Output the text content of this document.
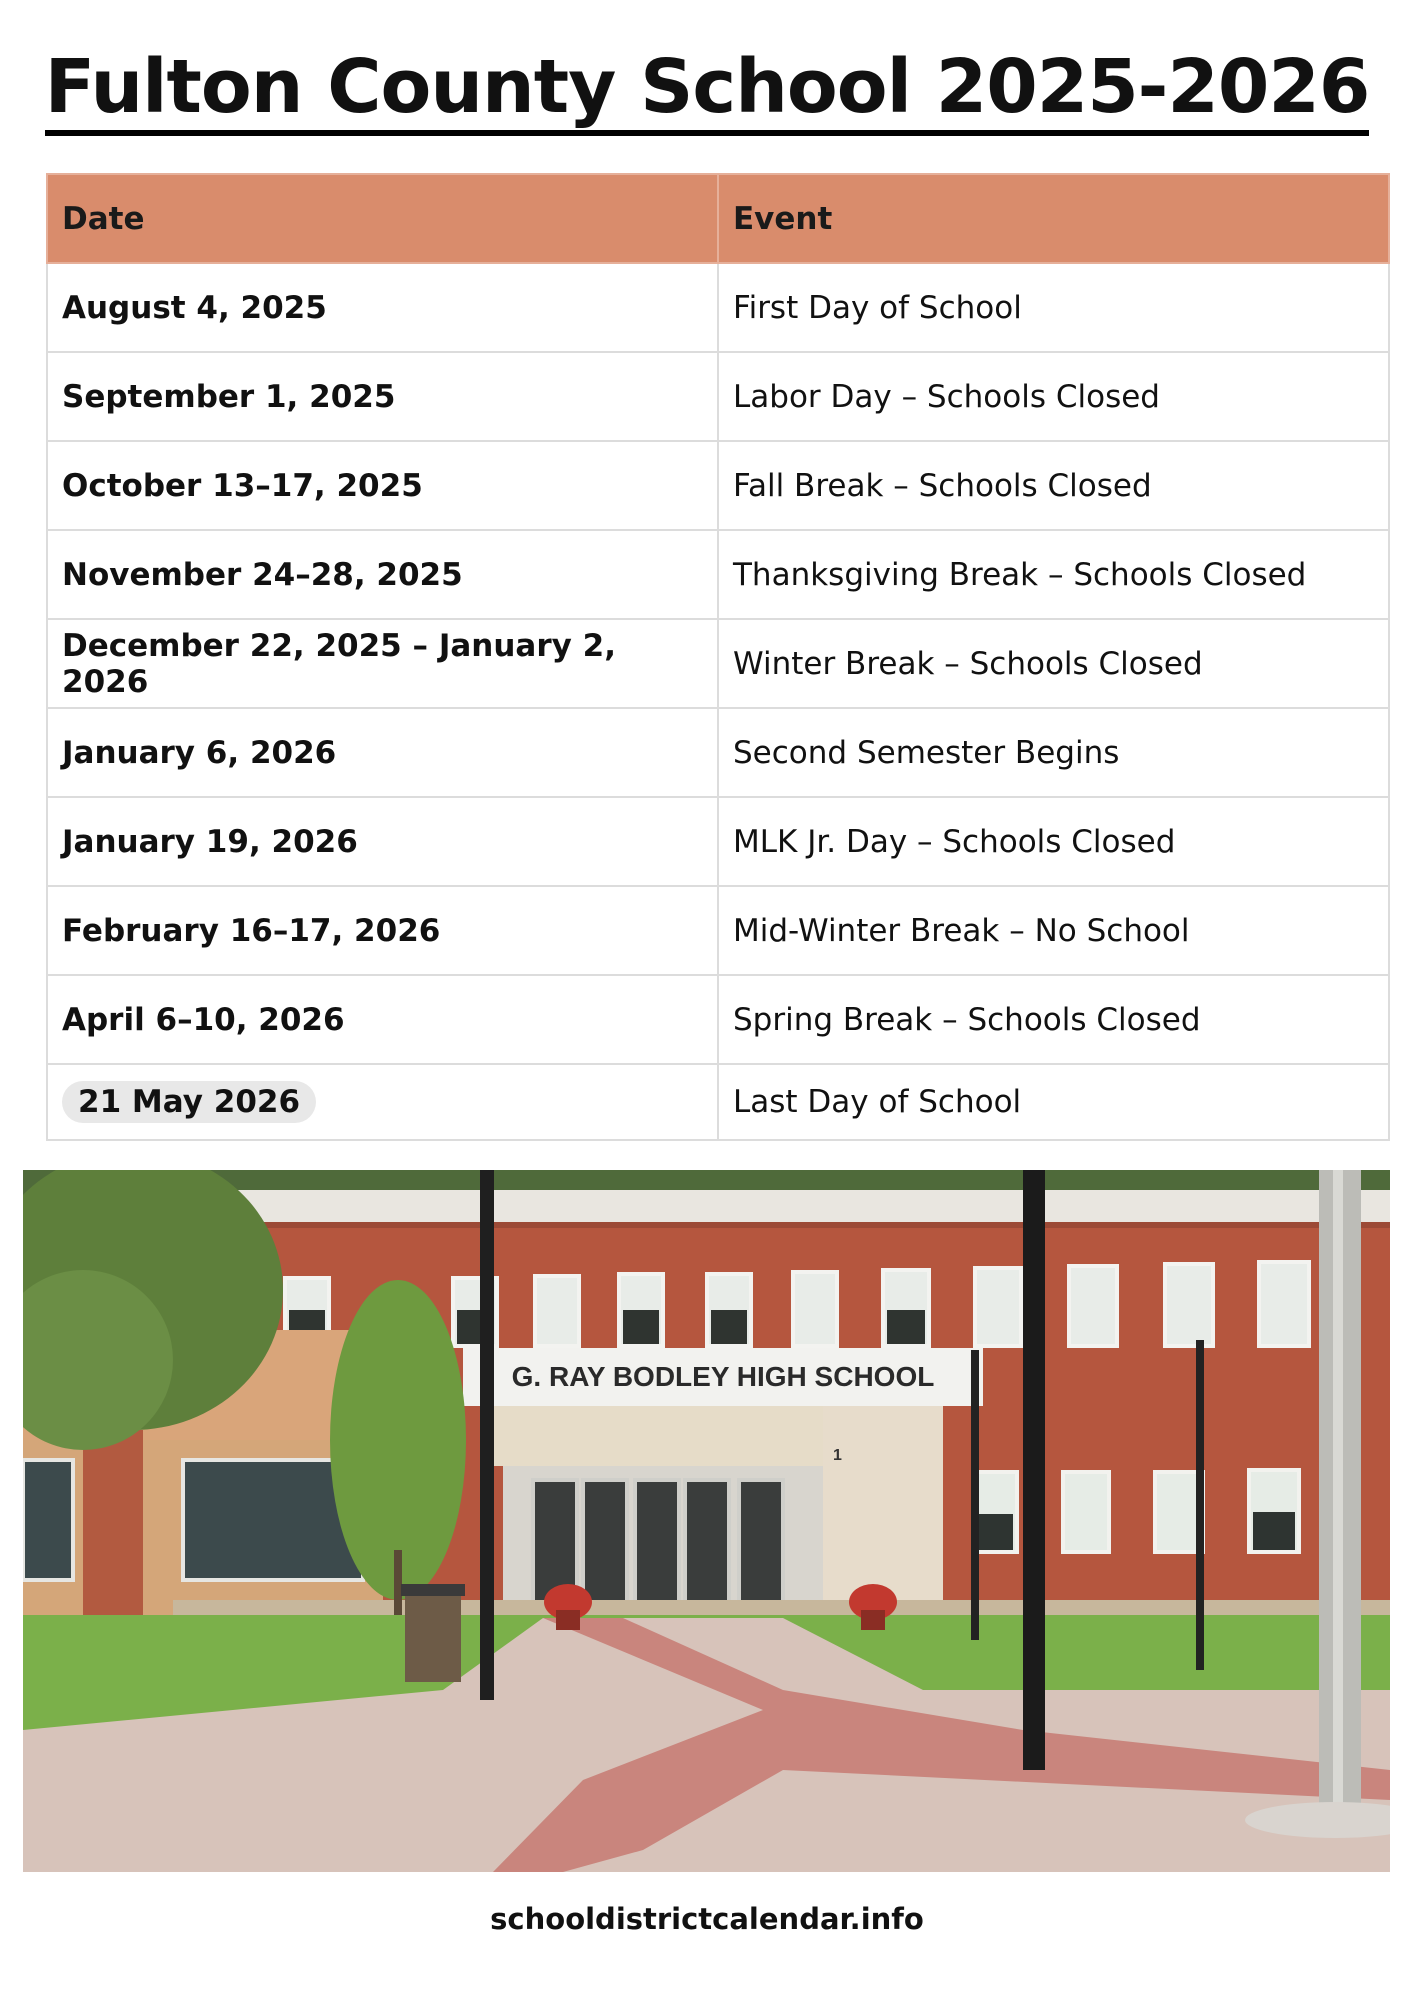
Fulton County School 2025-2026
Date	Event
August 4, 2025	First Day of School
September 1, 2025	Labor Day – Schools Closed
October 13–17, 2025	Fall Break – Schools Closed
November 24–28, 2025	Thanksgiving Break – Schools Closed
December 22, 2025 – January 2, 2026	Winter Break – Schools Closed
January 6, 2026	Second Semester Begins
January 19, 2026	MLK Jr. Day – Schools Closed
February 16–17, 2026	Mid-Winter Break – No School
April 6–10, 2026	Spring Break – Schools Closed
21 May 2026	Last Day of School
G. RAY BODLEY HIGH SCHOOL
1
schooldistrictcalendar.info
